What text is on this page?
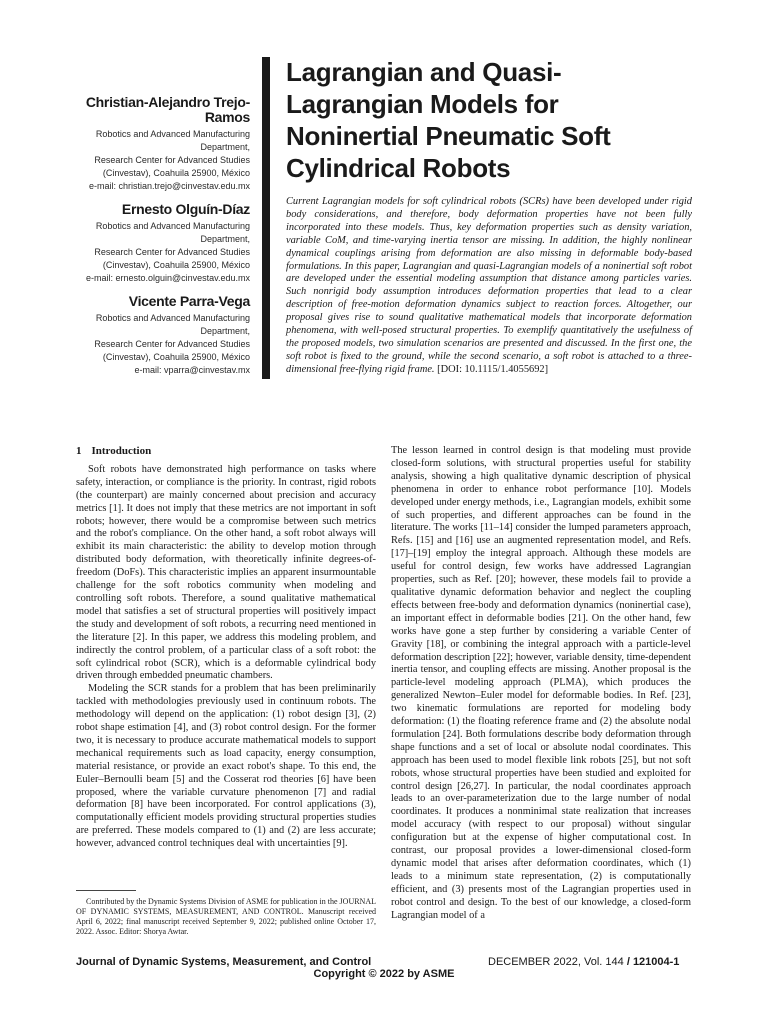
Christian-Alejandro Trejo-
Ramos
Robotics and Advanced Manufacturing
Department,
Research Center for Advanced Studies
(Cinvestav), Coahuila 25900, México
e-mail: christian.trejo@cinvestav.edu.mx
Ernesto Olguín-Díaz
Robotics and Advanced Manufacturing
Department,
Research Center for Advanced Studies
(Cinvestav), Coahuila 25900, México
e-mail: ernesto.olguin@cinvestav.edu.mx
Vicente Parra-Vega
Robotics and Advanced Manufacturing
Department,
Research Center for Advanced Studies
(Cinvestav), Coahuila 25900, México
e-mail: vparra@cinvestav.mx
Lagrangian and Quasi-
Lagrangian Models for
Noninertial Pneumatic Soft
Cylindrical Robots
Current Lagrangian models for soft cylindrical robots (SCRs) have been developed under rigid body considerations, and therefore, body deformation properties have not been fully incorporated into these models. Thus, key deformation properties such as density variation, variable CoM, and time-varying inertia tensor are missing. In addition, the highly nonlinear dynamical couplings arising from deformation are also missing in deformable body-based formulations. In this paper, Lagrangian and quasi-Lagrangian models of a noninertial soft robot are developed under the essential modeling assumption that distance among particles varies. Such nonrigid body assumption introduces deformation properties that lead to a clear description of free-motion deformation dynamics subject to reaction forces. Altogether, our proposal gives rise to sound qualitative mathematical models that incorporate deformation phenomena, with well-posed structural properties. To exemplify quantitatively the usefulness of the proposed models, two simulation scenarios are presented and discussed. In the first one, the soft robot is fixed to the ground, while the second scenario, a soft robot is attached to a three-dimensional free-flying rigid frame. [DOI: 10.1115/1.4055692]
1 Introduction

Soft robots have demonstrated high performance on tasks where safety, interaction, or compliance is the priority. In contrast, rigid robots (the counterpart) are mainly concerned about precision and accuracy metrics [1]. It does not imply that these metrics are not important in soft robots; however, there would be a compromise between such metrics and the robot's compliance. On the other hand, a soft robot always will exhibit its main characteristic: the ability to develop motion through distributed body deformation, with theoretically infinite degrees-of-freedom (DoFs). This characteristic implies an apparent insurmountable challenge for the soft robotics community when modeling and controlling soft robots. Therefore, a sound qualitative mathematical model that satisfies a set of structural properties will positively impact the study and development of soft robots, a recurring need mentioned in the literature [2]. In this paper, we address this modeling problem, and indirectly the control problem, of a particular class of a soft robot: the soft cylindrical robot (SCR), which is a deformable cylindrical body driven through embedded pneumatic chambers.

Modeling the SCR stands for a problem that has been preliminarily tackled with methodologies previously used in continuum robots. The methodology will depend on the application: (1) robot design [3], (2) robot shape estimation [4], and (3) robot control design. For the former two, it is necessary to produce accurate mathematical models to support mechanical requirements such as load capacity, energy consumption, material resistance, or provide an exact robot's shape. To this end, the Euler–Bernoulli beam [5] and the Cosserat rod theories [6] have been proposed, where the variable curvature phenomenon [7] and radial deformation [8] have been incorporated. For control applications (3), computationally efficient models providing structural properties studies are preferred. These models compared to (1) and (2) are less accurate; however, advanced control techniques deal with uncertainties [9].

The lesson learned in control design is that modeling must provide closed-form solutions, with structural properties useful for stability analysis, showing a high qualitative dynamic description of physical phenomena in order to enhance robot performance [10]. Models developed under energy methods, i.e., Lagrangian models, exhibit some of such properties, and different approaches can be found in the literature. The works [11–14] consider the lumped parameters approach, Refs. [15] and [16] use an augmented representation model, and Refs. [17]–[19] employ the integral approach. Although these models are useful for control design, few works have addressed Lagrangian properties, such as Ref. [20]; however, these models fail to provide a qualitative dynamic deformation behavior and neglect the coupling effects between free-body and deformation dynamics (noninertial case), an important effect in deformable bodies [21]. On the other hand, few works have gone a step further by considering a variable Center of Gravity [18], or combining the integral approach with a particle-level deformation description [22]; however, variable density, time-dependent inertia tensor, and coupling effects are missing. Another proposal is the particle-level modeling approach (PLMA), which produces the generalized Newton–Euler model for deformable bodies. In Ref. [23], two kinematic formulations are reported for modeling body deformation: (1) the floating reference frame and (2) the absolute nodal formulation [24]. Both formulations describe body deformation through shape functions and a set of local or absolute nodal coordinates. This approach has been used to model flexible link robots [25], but not soft robots, whose structural properties have been studied and exploited for control design [26,27]. In particular, the nodal coordinates approach leads to an over-parameterization due to the large number of nodal coordinates. It produces a nonminimal state realization that increases model accuracy (with respect to our proposal) without singular configuration but at the expense of higher computational cost. In contrast, our proposal provides a lower-dimensional closed-form dynamic model that arises after deformation coordinates, which (1) leads to a minimum state representation, (2) is computationally efficient, and (3) presents most of the Lagrangian properties used in robot control and design. To the best of our knowledge, a closed-form Lagrangian model of a

Contributed by the Dynamic Systems Division of ASME for publication in the JOURNAL OF DYNAMIC SYSTEMS, MEASUREMENT, AND CONTROL. Manuscript received April 6, 2022; final manuscript received September 9, 2022; published online October 17, 2022. Assoc. Editor: Shorya Awtar.
Journal of Dynamic Systems, Measurement, and Control	DECEMBER 2022, Vol. 144 / 121004-1
Copyright © 2022 by ASME
